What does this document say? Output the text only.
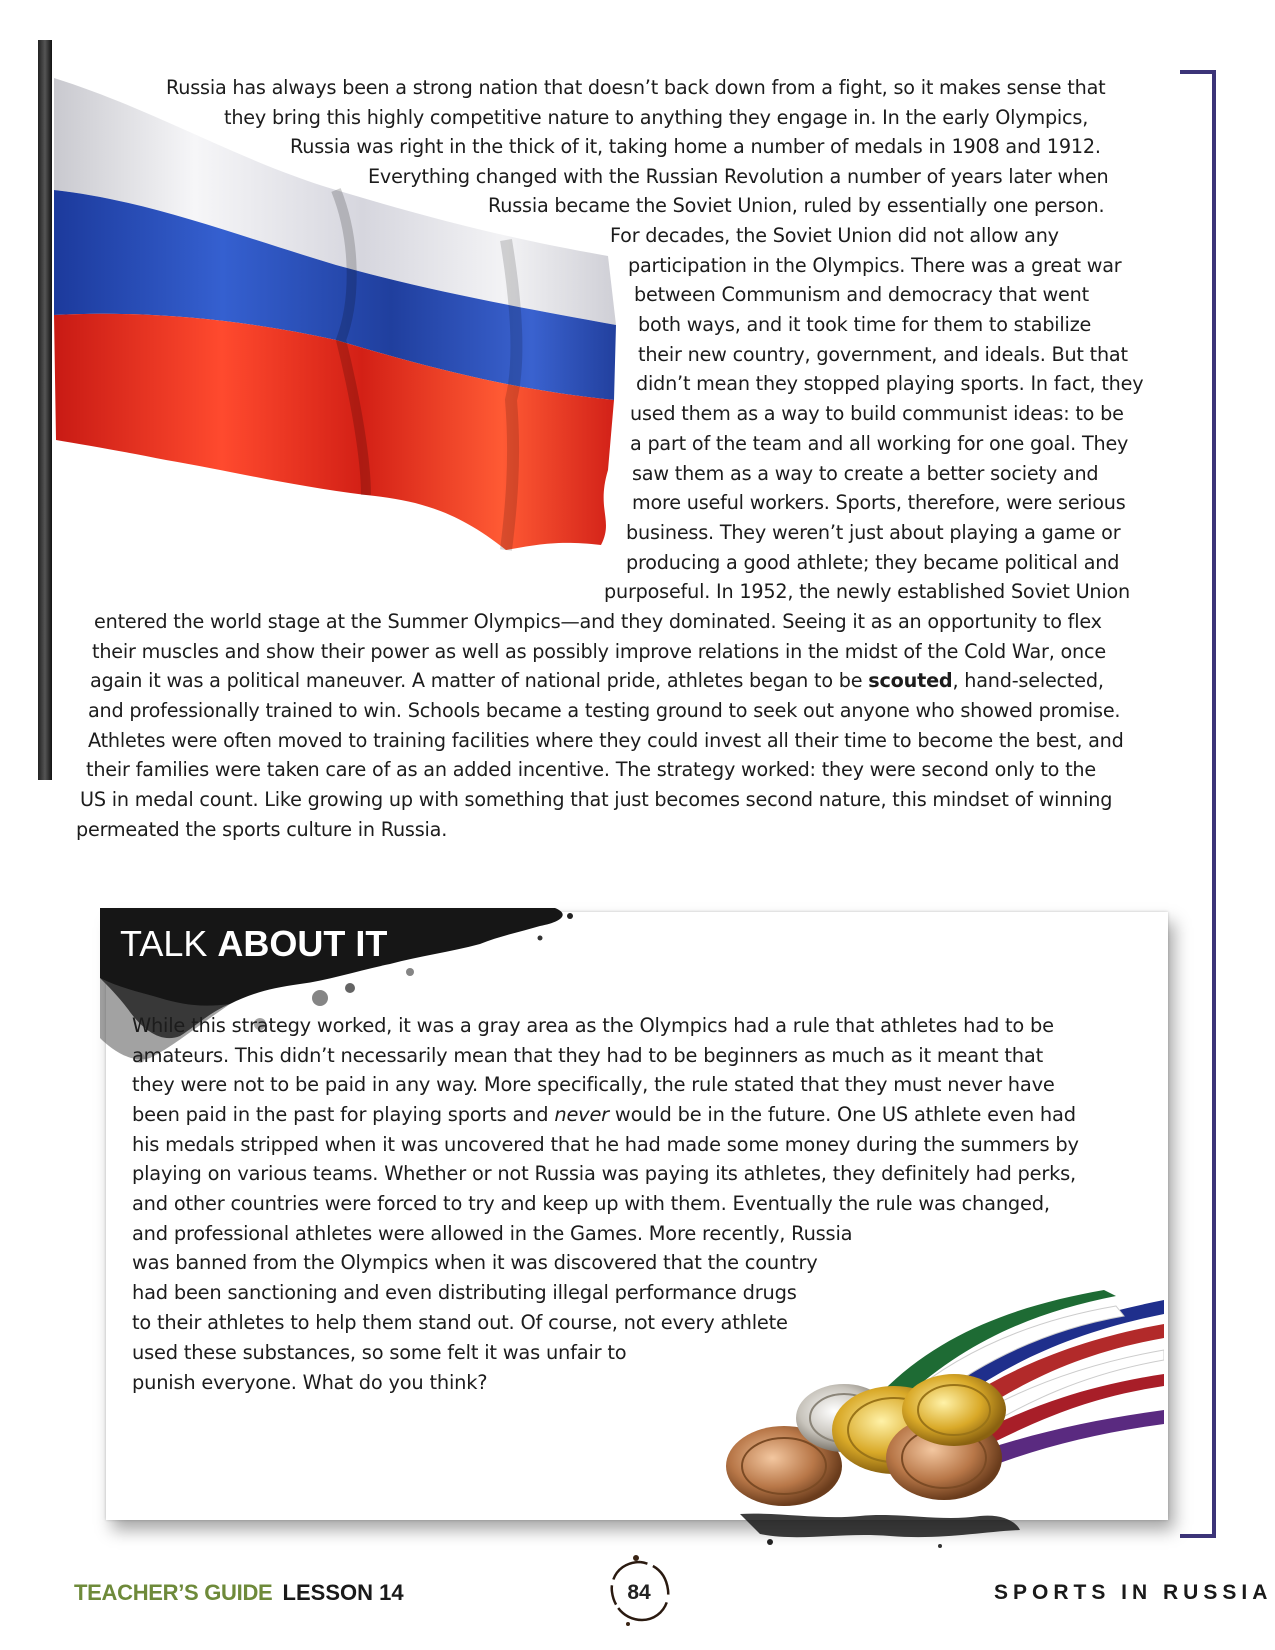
Russia has always been a strong nation that doesn’t back down from a fight, so it makes sense that
they bring this highly competitive nature to anything they engage in. In the early Olympics,
Russia was right in the thick of it, taking home a number of medals in 1908 and 1912.
Everything changed with the Russian Revolution a number of years later when
Russia became the Soviet Union, ruled by essentially one person.
For decades, the Soviet Union did not allow any
participation in the Olympics. There was a great war
between Communism and democracy that went
both ways, and it took time for them to stabilize
their new country, government, and ideals. But that
didn’t mean they stopped playing sports. In fact, they
used them as a way to build communist ideas: to be
a part of the team and all working for one goal. They
saw them as a way to create a better society and
more useful workers. Sports, therefore, were serious
business. They weren’t just about playing a game or
producing a good athlete; they became political and
purposeful. In 1952, the newly established Soviet Union
entered the world stage at the Summer Olympics—and they dominated. Seeing it as an opportunity to flex
their muscles and show their power as well as possibly improve relations in the midst of the Cold War, once
again it was a political maneuver. A matter of national pride, athletes began to be scouted, hand-selected,
and professionally trained to win. Schools became a testing ground to seek out anyone who showed promise.
Athletes were often moved to training facilities where they could invest all their time to become the best, and
their families were taken care of as an added incentive. The strategy worked: they were second only to the
US in medal count. Like growing up with something that just becomes second nature, this mindset of winning
permeated the sports culture in Russia.
TALK ABOUT IT
While this strategy worked, it was a gray area as the Olympics had a rule that athletes had to be
amateurs. This didn’t necessarily mean that they had to be beginners as much as it meant that
they were not to be paid in any way. More specifically, the rule stated that they must never have
been paid in the past for playing sports and never would be in the future. One US athlete even had
his medals stripped when it was uncovered that he had made some money during the summers by
playing on various teams. Whether or not Russia was paying its athletes, they definitely had perks,
and other countries were forced to try and keep up with them. Eventually the rule was changed,
and professional athletes were allowed in the Games. More recently, Russia
was banned from the Olympics when it was discovered that the country
had been sanctioning and even distributing illegal performance drugs
to their athletes to help them stand out. Of course, not every athlete
used these substances, so some felt it was unfair to
punish everyone. What do you think?
TEACHER’S GUIDE LESSON 14	84	SPORTS IN RUSSIA
